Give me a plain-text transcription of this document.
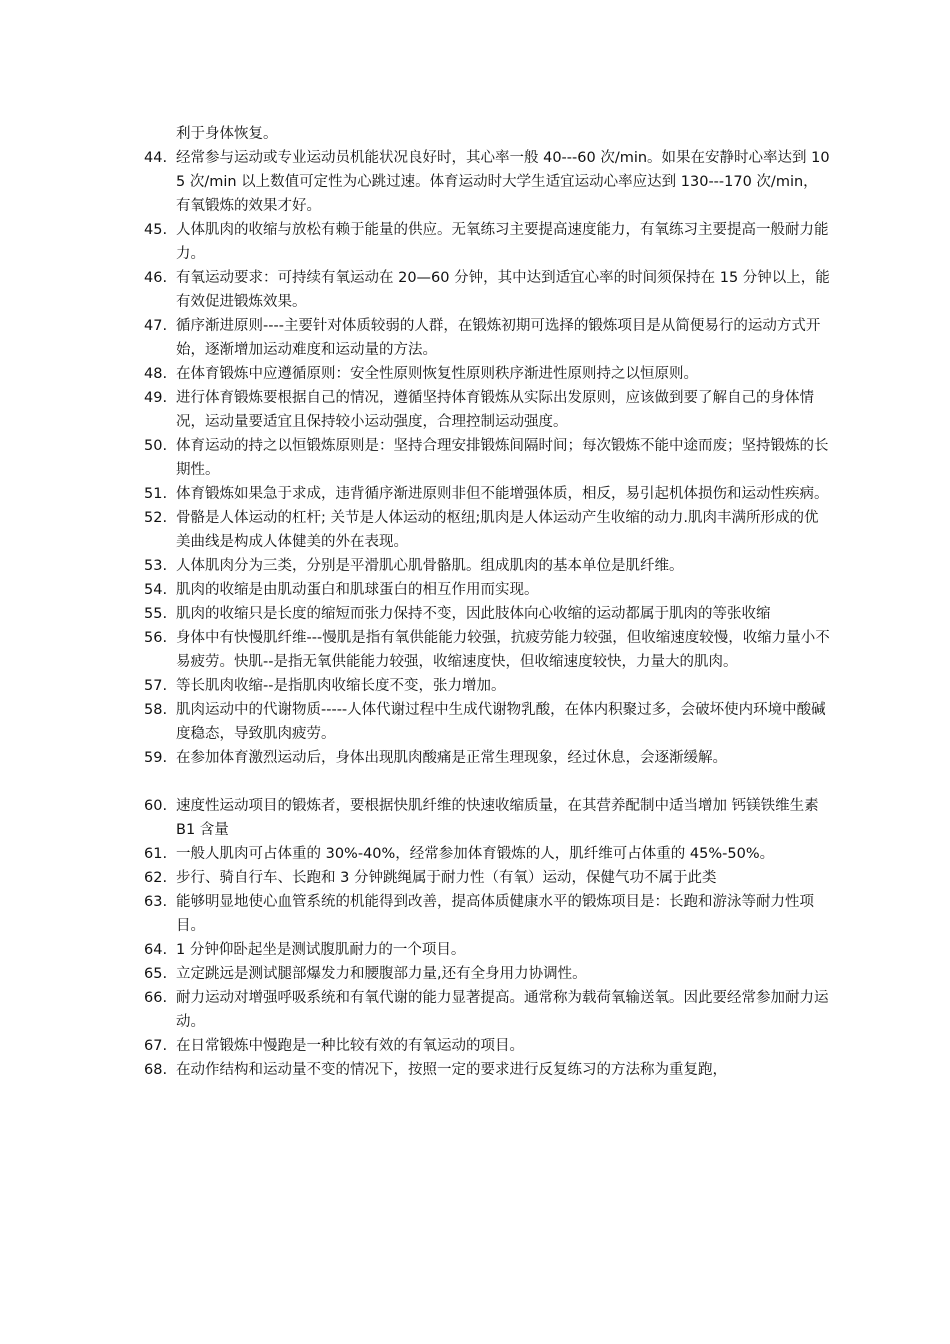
利于身体恢复。
44. 经常参与运动或专业运动员机能状况良好时，其心率一般 40---60 次/min。如果在安静时心率达到 105 次/min 以上数值可定性为心跳过速。体育运动时大学生适宜运动心率应达到 130---170 次/min，有氧锻炼的效果才好。
45. 人体肌肉的收缩与放松有赖于能量的供应。无氧练习主要提高速度能力，有氧练习主要提高一般耐力能力。
46. 有氧运动要求：可持续有氧运动在 20—60 分钟，其中达到适宜心率的时间须保持在 15 分钟以上，能有效促进锻炼效果。
47. 循序渐进原则----主要针对体质较弱的人群，在锻炼初期可选择的锻炼项目是从简便易行的运动方式开始，逐渐增加运动难度和运动量的方法。
48. 在体育锻炼中应遵循原则：安全性原则恢复性原则秩序渐进性原则持之以恒原则。
49. 进行体育锻炼要根据自己的情况，遵循坚持体育锻炼从实际出发原则，应该做到要了解自己的身体情况，运动量要适宜且保持较小运动强度，合理控制运动强度。
50. 体育运动的持之以恒锻炼原则是：坚持合理安排锻炼间隔时间；每次锻炼不能中途而废；坚持锻炼的长期性。
51. 体育锻炼如果急于求成，违背循序渐进原则非但不能增强体质，相反，易引起机体损伤和运动性疾病。
52. 骨骼是人体运动的杠杆; 关节是人体运动的枢纽;肌肉是人体运动产生收缩的动力.肌肉丰满所形成的优美曲线是构成人体健美的外在表现。
53. 人体肌肉分为三类，分别是平滑肌心肌骨骼肌。组成肌肉的基本单位是肌纤维。
54. 肌肉的收缩是由肌动蛋白和肌球蛋白的相互作用而实现。
55. 肌肉的收缩只是长度的缩短而张力保持不变，因此肢体向心收缩的运动都属于肌肉的等张收缩
56. 身体中有快慢肌纤维---慢肌是指有氧供能能力较强，抗疲劳能力较强，但收缩速度较慢，收缩力量小不易疲劳。快肌--是指无氧供能能力较强，收缩速度快，但收缩速度较快，力量大的肌肉。
57. 等长肌肉收缩--是指肌肉收缩长度不变，张力增加。
58. 肌肉运动中的代谢物质-----人体代谢过程中生成代谢物乳酸，在体内积聚过多，会破坏使内环境中酸碱度稳态，导致肌肉疲劳。
59. 在参加体育激烈运动后，身体出现肌肉酸痛是正常生理现象，经过休息，会逐渐缓解。
60. 速度性运动项目的锻炼者，要根据快肌纤维的快速收缩质量，在其营养配制中适当增加 钙镁铁维生素 B1 含量
61. 一般人肌肉可占体重的 30%-40%，经常参加体育锻炼的人，肌纤维可占体重的 45%-50%。
62. 步行、骑自行车、长跑和 3 分钟跳绳属于耐力性（有氧）运动，保健气功不属于此类
63. 能够明显地使心血管系统的机能得到改善，提高体质健康水平的锻炼项目是：长跑和游泳等耐力性项目。
64. 1 分钟仰卧起坐是测试腹肌耐力的一个项目。
65. 立定跳远是测试腿部爆发力和腰腹部力量,还有全身用力协调性。
66. 耐力运动对增强呼吸系统和有氧代谢的能力显著提高。通常称为载荷氧输送氧。因此要经常参加耐力运动。
67. 在日常锻炼中慢跑是一种比较有效的有氧运动的项目。
68. 在动作结构和运动量不变的情况下，按照一定的要求进行反复练习的方法称为重复跑，
